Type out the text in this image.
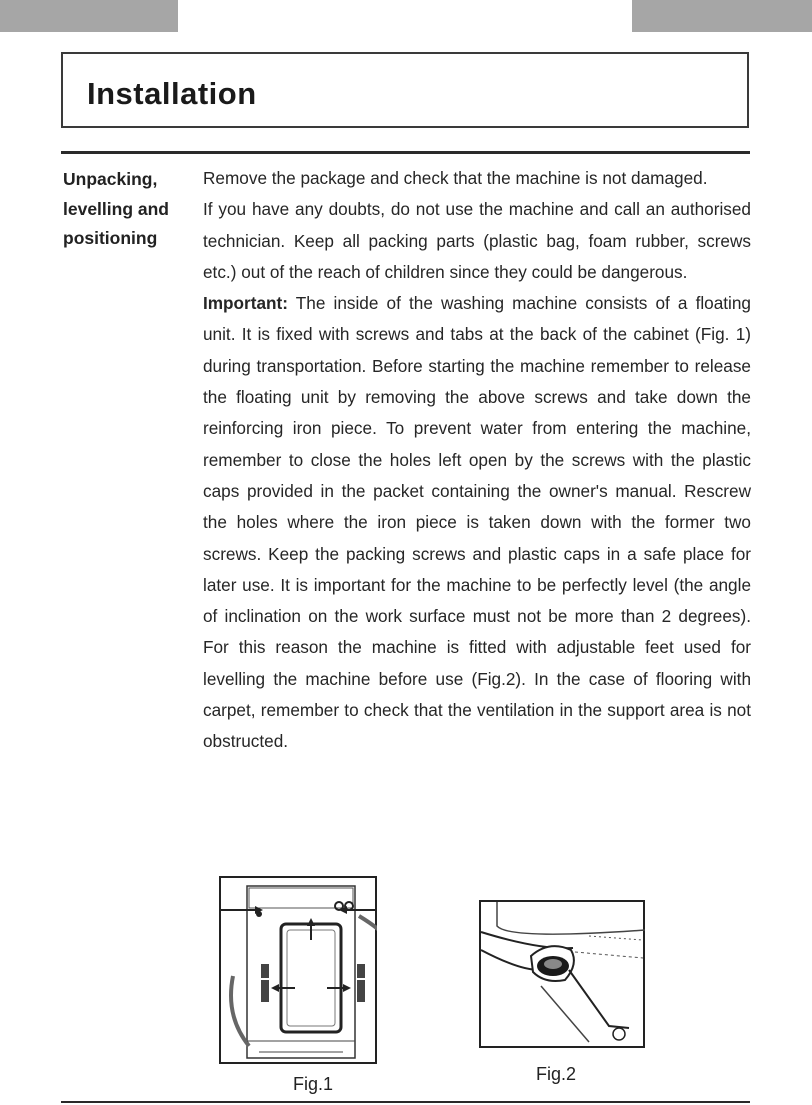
Installation
Unpacking,
levelling and
positioning

Remove the package and check that the machine is not damaged.

If you have any doubts, do not use the machine and call an authorised technician. Keep all packing parts (plastic bag, foam rubber, screws etc.) out of the reach of children since they could be dangerous.

Important: The inside of the washing machine consists of a floating unit. It is fixed with screws and tabs at the back of the cabinet (Fig. 1) during transportation. Before starting the machine remember to release the floating unit by removing the above screws and take down the reinforcing iron piece. To prevent water from entering the machine, remember to close the holes left open by the screws with the plastic caps provided in the packet containing the owner's manual. Rescrew the holes where the iron piece is taken down with the former two screws. Keep the packing screws and plastic caps in a safe place for later use. It is important for the machine to be perfectly level (the angle of inclination on the work surface must not be more than 2 degrees). For this reason the machine is fitted with adjustable feet used for levelling the machine before use (Fig.2). In the case of flooring with carpet, remember to check that the ventilation in the support area is not obstructed.

Fig.1	Fig.2
